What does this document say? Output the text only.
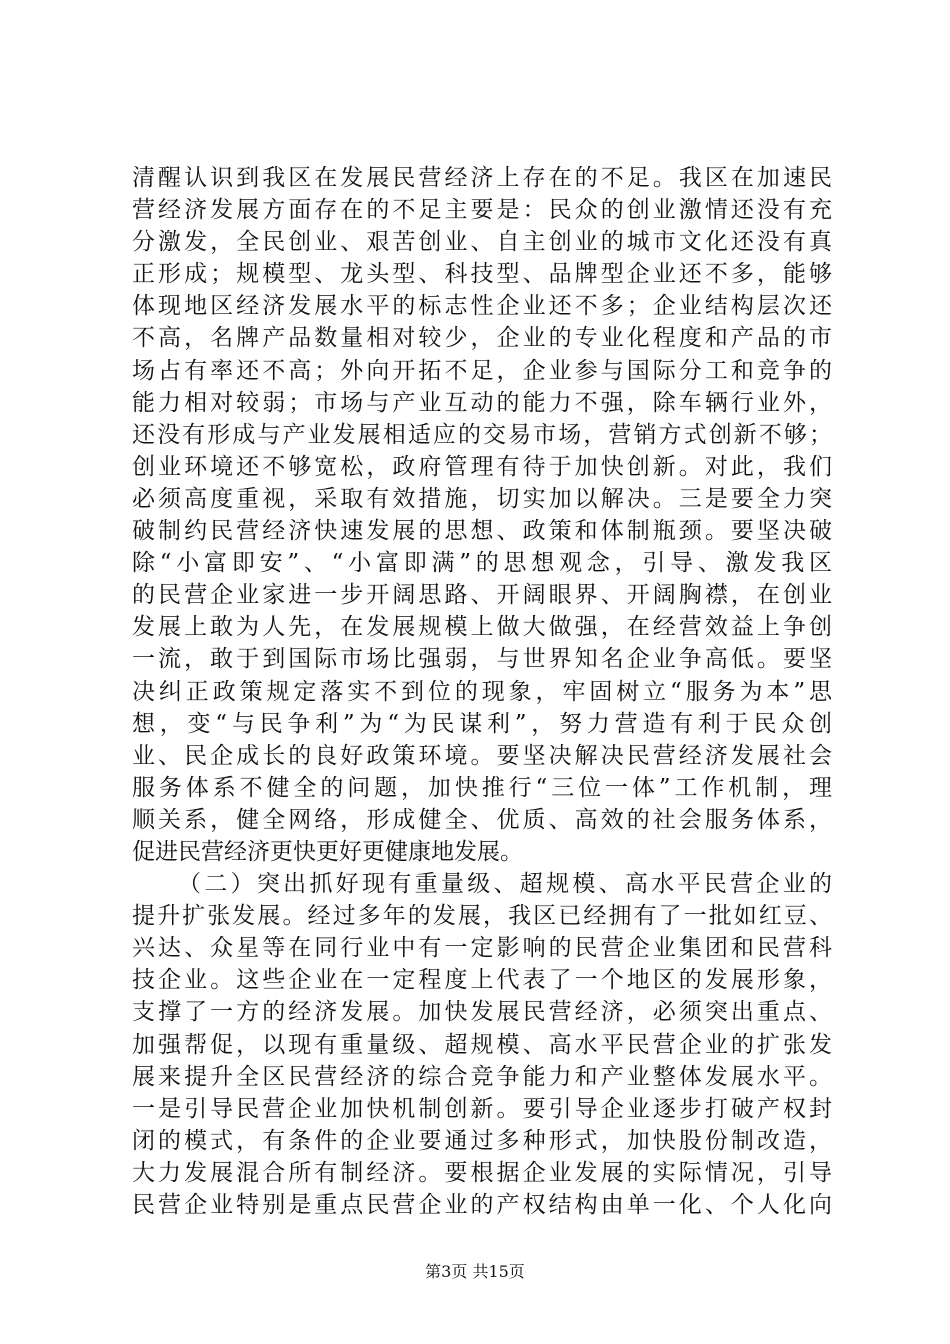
清醒认识到我区在发展民营经济上存在的不足。我区在加速民
营经济发展方面存在的不足主要是：民众的创业激情还没有充
分激发，全民创业、艰苦创业、自主创业的城市文化还没有真
正形成；规模型、龙头型、科技型、品牌型企业还不多，能够
体现地区经济发展水平的标志性企业还不多；企业结构层次还
不高，名牌产品数量相对较少，企业的专业化程度和产品的市
场占有率还不高；外向开拓不足，企业参与国际分工和竞争的
能力相对较弱；市场与产业互动的能力不强，除车辆行业外，
还没有形成与产业发展相适应的交易市场，营销方式创新不够；
创业环境还不够宽松，政府管理有待于加快创新。对此，我们
必须高度重视，采取有效措施，切实加以解决。三是要全力突
破制约民营经济快速发展的思想、政策和体制瓶颈。要坚决破
除“小富即安”、“小富即满”的思想观念，引导、激发我区
的民营企业家进一步开阔思路、开阔眼界、开阔胸襟，在创业
发展上敢为人先，在发展规模上做大做强，在经营效益上争创
一流，敢于到国际市场比强弱，与世界知名企业争高低。要坚
决纠正政策规定落实不到位的现象，牢固树立“服务为本”思
想，变“与民争利”为“为民谋利”，努力营造有利于民众创
业、民企成长的良好政策环境。要坚决解决民营经济发展社会
服务体系不健全的问题，加快推行“三位一体”工作机制，理
顺关系，健全网络，形成健全、优质、高效的社会服务体系，
促进民营经济更快更好更健康地发展。
（二）突出抓好现有重量级、超规模、高水平民营企业的
提升扩张发展。经过多年的发展，我区已经拥有了一批如红豆、
兴达、众星等在同行业中有一定影响的民营企业集团和民营科
技企业。这些企业在一定程度上代表了一个地区的发展形象，
支撑了一方的经济发展。加快发展民营经济，必须突出重点、
加强帮促，以现有重量级、超规模、高水平民营企业的扩张发
展来提升全区民营经济的综合竞争能力和产业整体发展水平。
一是引导民营企业加快机制创新。要引导企业逐步打破产权封
闭的模式，有条件的企业要通过多种形式，加快股份制改造，
大力发展混合所有制经济。要根据企业发展的实际情况，引导
民营企业特别是重点民营企业的产权结构由单一化、个人化向
第3页 共15页
